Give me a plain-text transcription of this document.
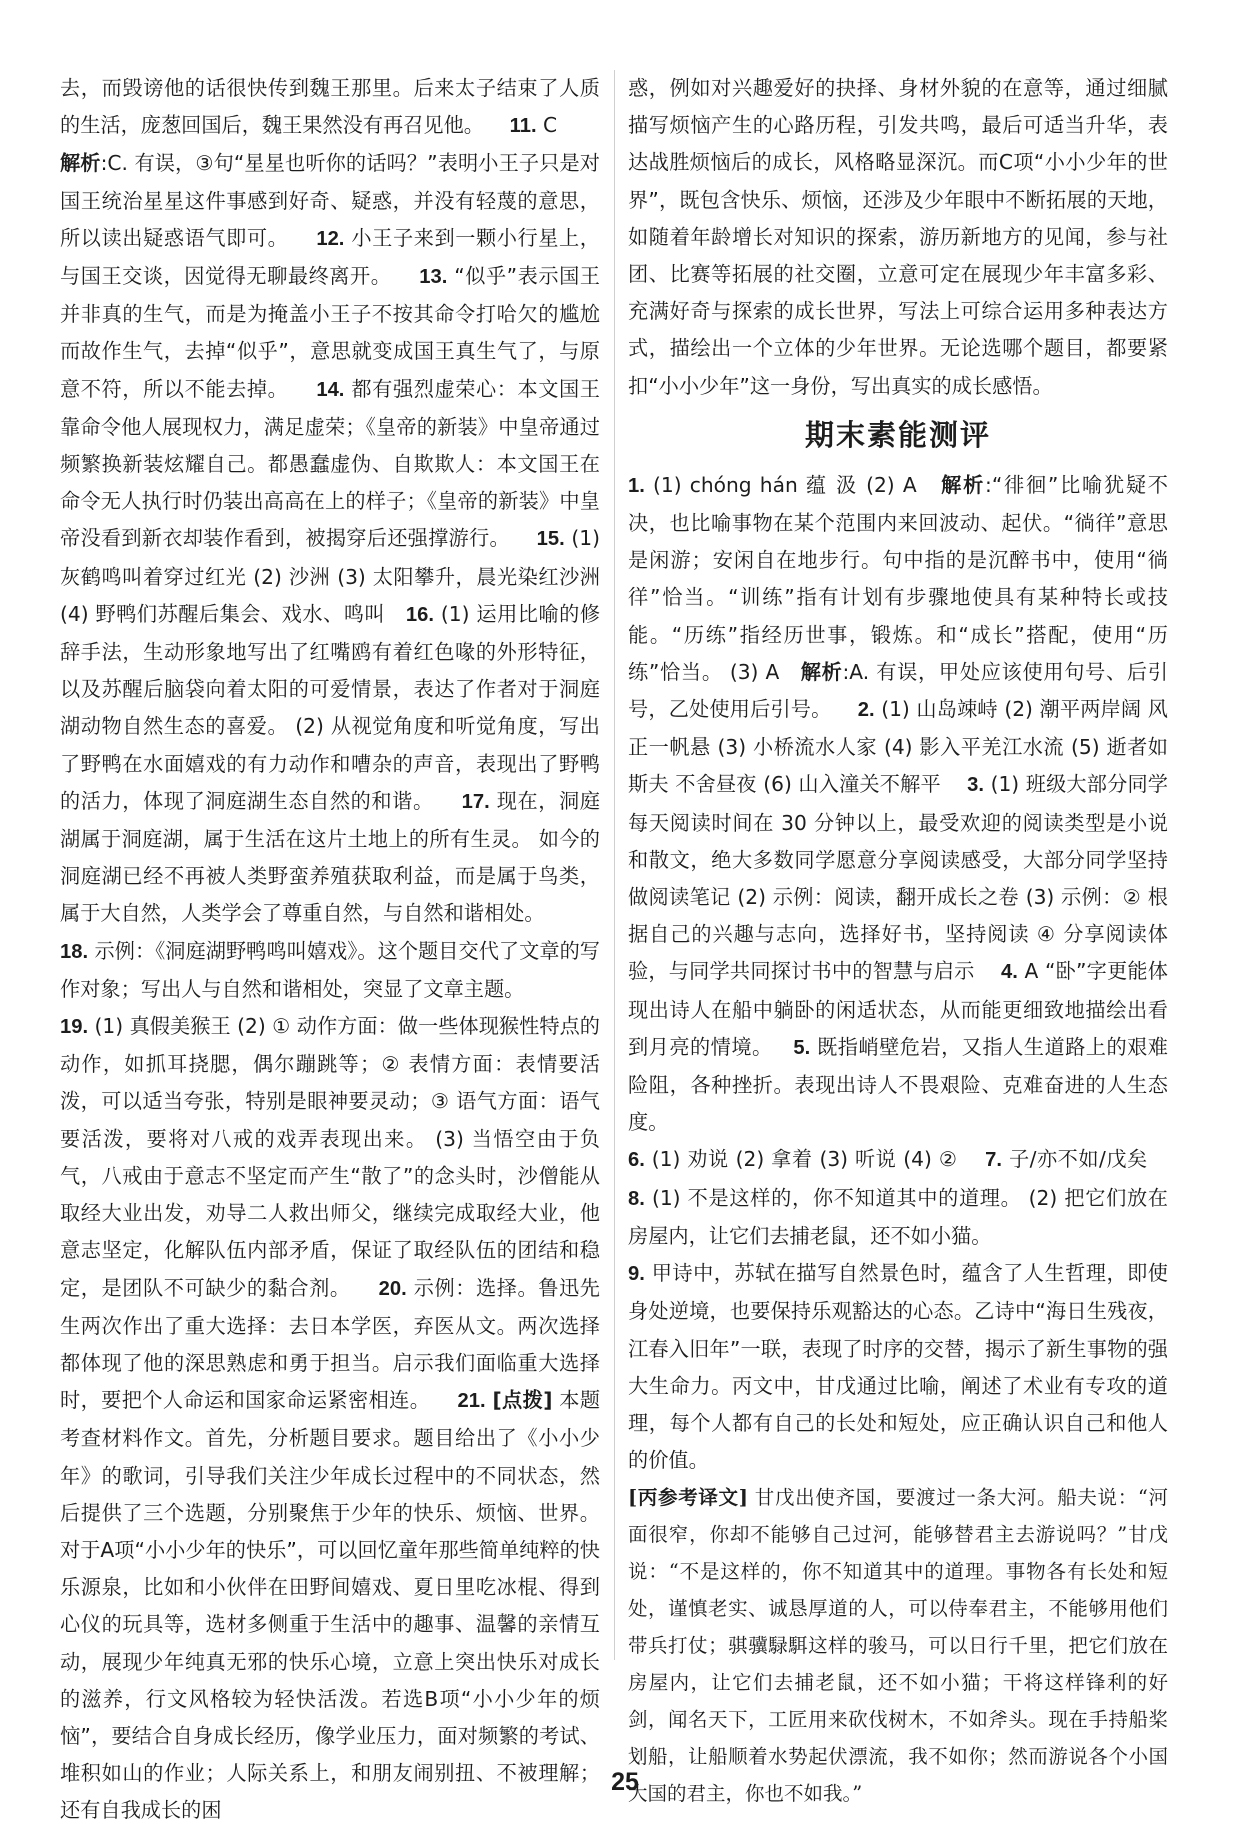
去，而毁谤他的话很快传到魏王那里。后来太子结束了人质的生活，庞葱回国后，魏王果然没有再召见他。 11. C
解析:C. 有误，③句“星星也听你的话吗？”表明小王子只是对国王统治星星这件事感到好奇、疑惑，并没有轻蔑的意思，所以读出疑惑语气即可。 12. 小王子来到一颗小行星上，与国王交谈，因觉得无聊最终离开。 13. “似乎”表示国王并非真的生气，而是为掩盖小王子不按其命令打哈欠的尴尬而故作生气，去掉“似乎”，意思就变成国王真生气了，与原意不符，所以不能去掉。 14. 都有强烈虚荣心：本文国王靠命令他人展现权力，满足虚荣；《皇帝的新装》中皇帝通过频繁换新装炫耀自己。都愚蠢虚伪、自欺欺人：本文国王在命令无人执行时仍装出高高在上的样子；《皇帝的新装》中皇帝没看到新衣却装作看到，被揭穿后还强撑游行。 15. (1) 灰鹤鸣叫着穿过红光 (2) 沙洲 (3) 太阳攀升，晨光染红沙洲 (4) 野鸭们苏醒后集会、戏水、鸣叫 16. (1) 运用比喻的修辞手法，生动形象地写出了红嘴鸥有着红色喙的外形特征，以及苏醒后脑袋向着太阳的可爱情景，表达了作者对于洞庭湖动物自然生态的喜爱。 (2) 从视觉角度和听觉角度，写出了野鸭在水面嬉戏的有力动作和嘈杂的声音，表现出了野鸭的活力，体现了洞庭湖生态自然的和谐。 17. 现在，洞庭湖属于洞庭湖，属于生活在这片土地上的所有生灵。 如今的洞庭湖已经不再被人类野蛮养殖获取利益，而是属于鸟类，属于大自然，人类学会了尊重自然，与自然和谐相处。
18. 示例：《洞庭湖野鸭鸣叫嬉戏》。这个题目交代了文章的写作对象；写出人与自然和谐相处，突显了文章主题。
19. (1) 真假美猴王 (2) ① 动作方面：做一些体现猴性特点的动作，如抓耳挠腮，偶尔蹦跳等；② 表情方面：表情要活泼，可以适当夸张，特别是眼神要灵动；③ 语气方面：语气要活泼，要将对八戒的戏弄表现出来。 (3) 当悟空由于负气，八戒由于意志不坚定而产生“散了”的念头时，沙僧能从取经大业出发，劝导二人救出师父，继续完成取经大业，他意志坚定，化解队伍内部矛盾，保证了取经队伍的团结和稳定，是团队不可缺少的黏合剂。 20. 示例：选择。鲁迅先生两次作出了重大选择：去日本学医，弃医从文。两次选择都体现了他的深思熟虑和勇于担当。启示我们面临重大选择时，要把个人命运和国家命运紧密相连。 21. [点拨] 本题考查材料作文。首先，分析题目要求。题目给出了《小小少年》的歌词，引导我们关注少年成长过程中的不同状态，然后提供了三个选题，分别聚焦于少年的快乐、烦恼、世界。对于A项“小小少年的快乐”，可以回忆童年那些简单纯粹的快乐源泉，比如和小伙伴在田野间嬉戏、夏日里吃冰棍、得到心仪的玩具等，选材多侧重于生活中的趣事、温馨的亲情互动，展现少年纯真无邪的快乐心境，立意上突出快乐对成长的滋养，行文风格较为轻快活泼。若选B项“小小少年的烦恼”，要结合自身成长经历，像学业压力，面对频繁的考试、堆积如山的作业；人际关系上，和朋友闹别扭、不被理解；还有自我成长的困

惑，例如对兴趣爱好的抉择、身材外貌的在意等，通过细腻描写烦恼产生的心路历程，引发共鸣，最后可适当升华，表达战胜烦恼后的成长，风格略显深沉。而C项“小小少年的世界”，既包含快乐、烦恼，还涉及少年眼中不断拓展的天地，如随着年龄增长对知识的探索，游历新地方的见闻，参与社团、比赛等拓展的社交圈，立意可定在展现少年丰富多彩、充满好奇与探索的成长世界，写法上可综合运用多种表达方式，描绘出一个立体的少年世界。无论选哪个题目，都要紧扣“小小少年”这一身份，写出真实的成长感悟。

期末素能测评

1. (1) chóng hán 蕴 汲 (2) A 解析:“徘徊”比喻犹疑不决，也比喻事物在某个范围内来回波动、起伏。“徜徉”意思是闲游；安闲自在地步行。句中指的是沉醉书中，使用“徜徉”恰当。“训练”指有计划有步骤地使具有某种特长或技能。“历练”指经历世事，锻炼。和“成长”搭配，使用“历练”恰当。 (3) A 解析:A. 有误，甲处应该使用句号、后引号，乙处使用后引号。 2. (1) 山岛竦峙 (2) 潮平两岸阔 风正一帆悬 (3) 小桥流水人家 (4) 影入平羌江水流 (5) 逝者如斯夫 不舍昼夜 (6) 山入潼关不解平 3. (1) 班级大部分同学每天阅读时间在 30 分钟以上，最受欢迎的阅读类型是小说和散文，绝大多数同学愿意分享阅读感受，大部分同学坚持做阅读笔记 (2) 示例：阅读，翻开成长之卷 (3) 示例：② 根据自己的兴趣与志向，选择好书，坚持阅读 ④ 分享阅读体验，与同学共同探讨书中的智慧与启示 4. A “卧”字更能体现出诗人在船中躺卧的闲适状态，从而能更细致地描绘出看到月亮的情境。 5. 既指峭壁危岩，又指人生道路上的艰难险阻，各种挫折。表现出诗人不畏艰险、克难奋进的人生态度。
6. (1) 劝说 (2) 拿着 (3) 听说 (4) ② 7. 子/亦不如/戊矣    8. (1) 不是这样的，你不知道其中的道理。 (2) 把它们放在房屋内，让它们去捕老鼠，还不如小猫。
9. 甲诗中，苏轼在描写自然景色时，蕴含了人生哲理，即使身处逆境，也要保持乐观豁达的心态。乙诗中“海日生残夜，江春入旧年”一联，表现了时序的交替，揭示了新生事物的强大生命力。丙文中，甘戊通过比喻，阐述了术业有专攻的道理，每个人都有自己的长处和短处，应正确认识自己和他人的价值。

[丙参考译文] 甘戊出使齐国，要渡过一条大河。船夫说：“河面很窄，你却不能够自己过河，能够替君主去游说吗？”甘戊说：“不是这样的，你不知道其中的道理。事物各有长处和短处，谨慎老实、诚恳厚道的人，可以侍奉君主，不能够用他们带兵打仗；骐骥騄駬这样的骏马，可以日行千里，把它们放在房屋内，让它们去捕老鼠，还不如小猫；干将这样锋利的好剑，闻名天下，工匠用来砍伐树木，不如斧头。现在手持船桨划船，让船顺着水势起伏漂流，我不如你；然而游说各个小国大国的君主，你也不如我。”

25
